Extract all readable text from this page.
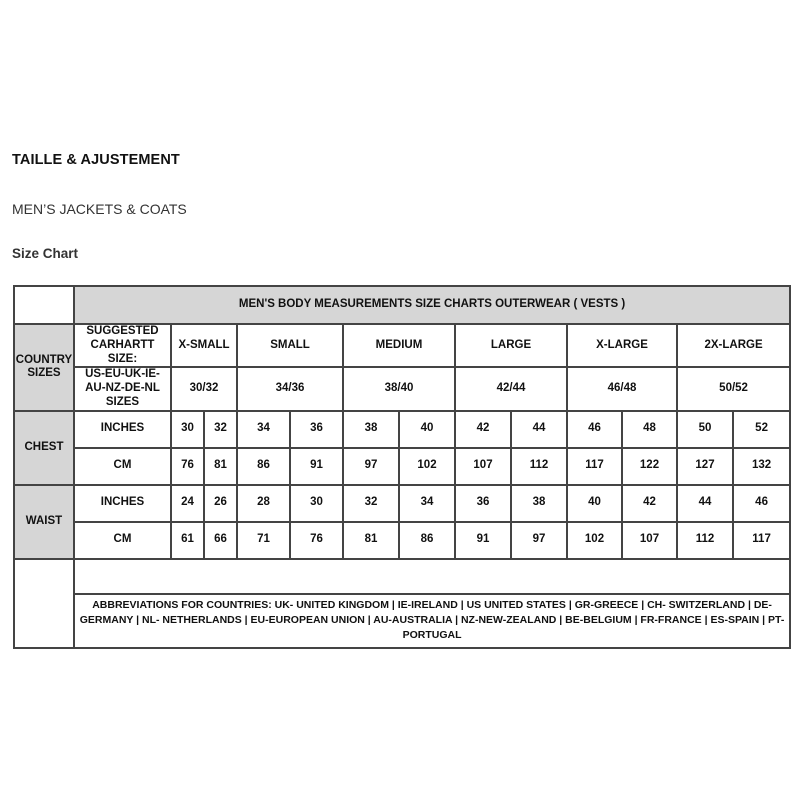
TAILLE & AJUSTEMENT
MEN’S JACKETS & COATS
Size Chart
	MEN'S BODY MEASUREMENTS SIZE CHARTS OUTERWEAR ( VESTS )												
COUNTRY SIZES	SUGGESTED CARHARTT SIZE:	X-SMALL		SMALL		MEDIUM		LARGE		X-LARGE		2X-LARGE	
	US-EU-UK-IE-AU-NZ-DE-NL SIZES	30/32		34/36		38/40		42/44		46/48		50/52	
CHEST	INCHES	30	32	34	36	38	40	42	44	46	48	50	52
	CM	76	81	86	91	97	102	107	112	117	122	127	132
WAIST	INCHES	24	26	28	30	32	34	36	38	40	42	44	46
	CM	61	66	71	76	81	86	91	97	102	107	112	117

	ABBREVIATIONS FOR COUNTRIES: UK- UNITED KINGDOM | IE-IRELAND | US UNITED STATES | GR-GREECE | CH- SWITZERLAND | DE-GERMANY | NL- NETHERLANDS | EU-EUROPEAN UNION | AU-AUSTRALIA | NZ-NEW-ZEALAND | BE-BELGIUM | FR-FRANCE | ES-SPAIN | PT-PORTUGAL												
